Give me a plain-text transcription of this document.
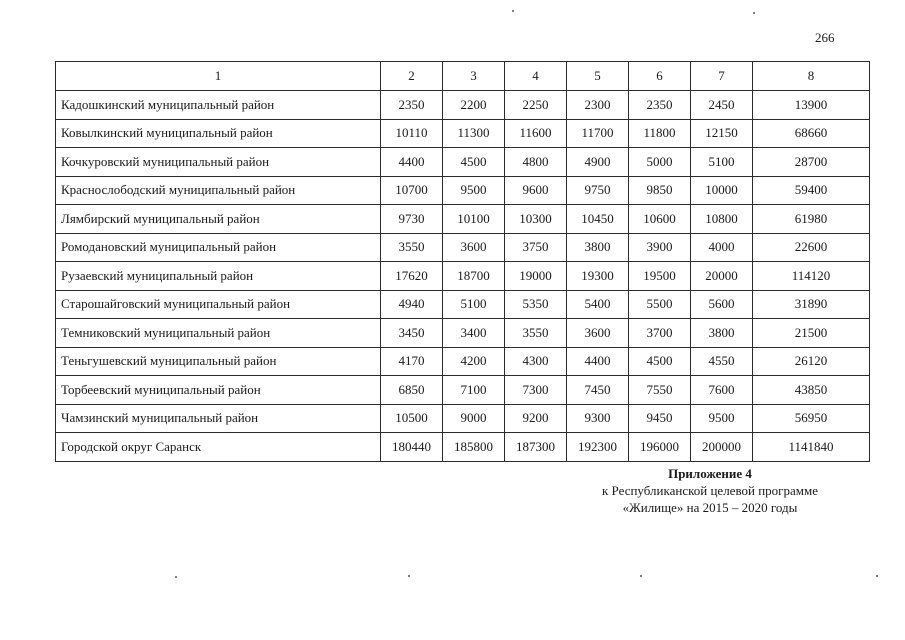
266
1	2	3	4	5	6	7	8
Кадошкинский муниципальный район	2350	2200	2250	2300	2350	2450	13900
Ковылкинский муниципальный район	10110	11300	11600	11700	11800	12150	68660
Кочкуровский муниципальный район	4400	4500	4800	4900	5000	5100	28700
Краснослободский муниципальный район	10700	9500	9600	9750	9850	10000	59400
Лямбирский муниципальный район	9730	10100	10300	10450	10600	10800	61980
Ромодановский муниципальный район	3550	3600	3750	3800	3900	4000	22600
Рузаевский муниципальный район	17620	18700	19000	19300	19500	20000	114120
Старошайговский муниципальный район	4940	5100	5350	5400	5500	5600	31890
Темниковский муниципальный район	3450	3400	3550	3600	3700	3800	21500
Теньгушевский муниципальный район	4170	4200	4300	4400	4500	4550	26120
Торбеевский муниципальный район	6850	7100	7300	7450	7550	7600	43850
Чамзинский муниципальный район	10500	9000	9200	9300	9450	9500	56950
Городской округ Саранск	180440	185800	187300	192300	196000	200000	1141840
Приложение 4
к Республиканской целевой программе
«Жилище» на 2015 – 2020 годы
